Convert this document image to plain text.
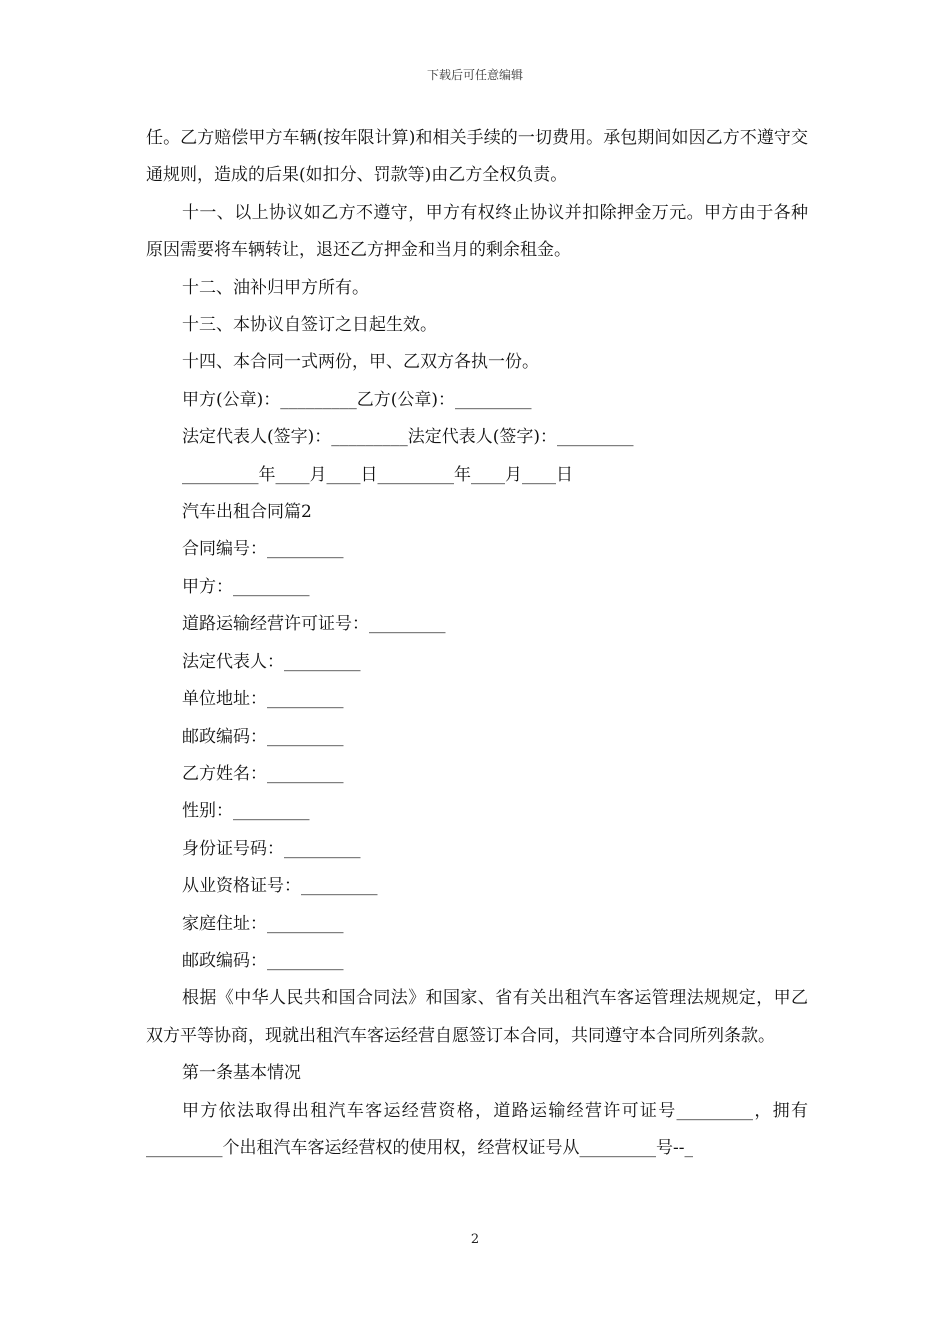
下载后可任意编辑

任。乙方赔偿甲方车辆(按年限计算)和相关手续的一切费用。承包期间如因乙方不遵守交通规则，造成的后果(如扣分、罚款等)由乙方全权负责。

十一、以上协议如乙方不遵守，甲方有权终止协议并扣除押金万元。甲方由于各种原因需要将车辆转让，退还乙方押金和当月的剩余租金。

十二、油补归甲方所有。

十三、本协议自签订之日起生效。

十四、本合同一式两份，甲、乙双方各执一份。

甲方(公章)：_________乙方(公章)：_________

法定代表人(签字)：_________法定代表人(签字)：_________

_________年____月____日_________年____月____日

汽车出租合同篇2

合同编号：_________

甲方：_________

道路运输经营许可证号：_________

法定代表人：_________

单位地址：_________

邮政编码：_________

乙方姓名：_________

性别：_________

身份证号码：_________

从业资格证号：_________

家庭住址：_________

邮政编码：_________

根据《中华人民共和国合同法》和国家、省有关出租汽车客运管理法规规定，甲乙双方平等协商，现就出租汽车客运经营自愿签订本合同，共同遵守本合同所列条款。

第一条基本情况

甲方依法取得出租汽车客运经营资格，道路运输经营许可证号_________，拥有_________个出租汽车客运经营权的使用权，经营权证号从_________号--_

2
